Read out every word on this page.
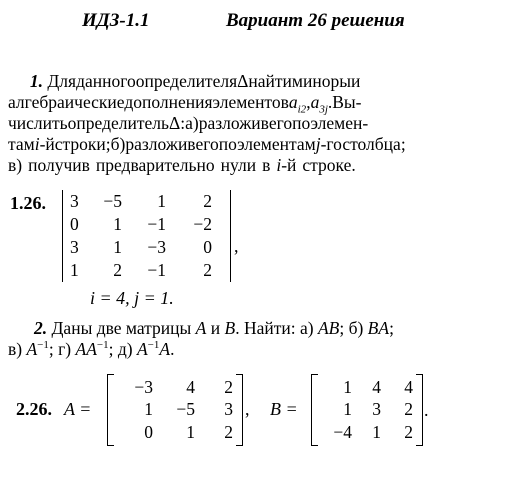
ИДЗ-1.1	Вариант 26 решения
1. ДляданногоопределителяΔнайтиминорыи
$алгебраическиедополненияэлементовa_{i2},a_{3j}.Вы-$
числитьопределительΔ:а)разложивегопоэлемен-
тамi-йстроки;б)разложивегопоэлементамj-гостолбца;
в) получив предварительно нули в i-й строке.
1.26. 3	−5	1	2
0	1	−1	−2
3	1	−3	0
1	2	−1	2
,
i = 4, j = 1.
2. Даны две матрицы A и B. Найти: а) AB; б) BA;
в) $A^{-1}$; г) $AA^{-1}$; д) $A^{-1}A$.
2.26. A =
−3	4	2
1	−5	3
0	1	2
, B =
1	4	4
1	3	2
−4	1	2
.
